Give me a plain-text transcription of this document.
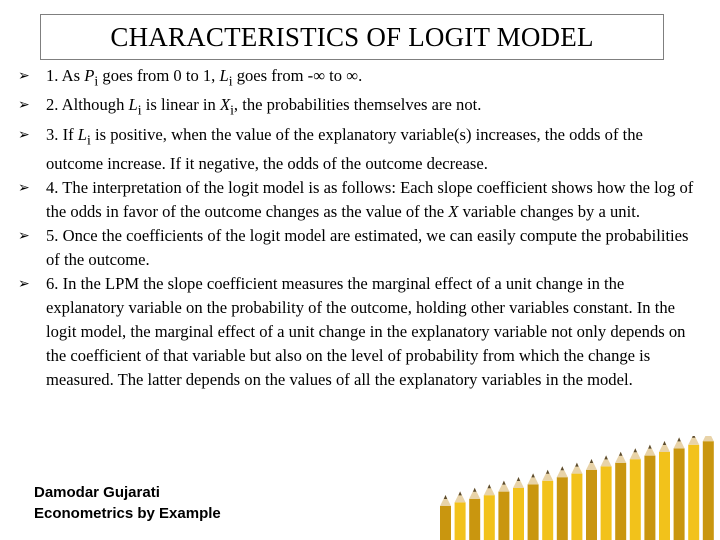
CHARACTERISTICS OF LOGIT MODEL
➢ 1. As $P_i$ goes from 0 to 1, $L_i$ goes from -∞ to ∞.
➢ 2. Although $L_i$ is linear in $X_i$, the probabilities themselves are not.
➢ 3. If $L_i$ is positive, when the value of the explanatory variable(s) increases, the odds of the outcome increase. If it negative, the odds of the outcome decrease.
➢ 4. The interpretation of the logit model is as follows: Each slope coefficient shows how the log of the odds in favor of the outcome changes as the value of the X variable changes by a unit.
➢ 5. Once the coefficients of the logit model are estimated, we can easily compute the probabilities of the outcome.
➢ 6. In the LPM the slope coefficient measures the marginal effect of a unit change in the explanatory variable on the probability of the outcome, holding other variables constant. In the logit model, the marginal effect of a unit change in the explanatory variable not only depends on the coefficient of that variable but also on the level of probability from which the change is measured. The latter depends on the values of all the explanatory variables in the model.
Damodar Gujarati
Econometrics by Example
